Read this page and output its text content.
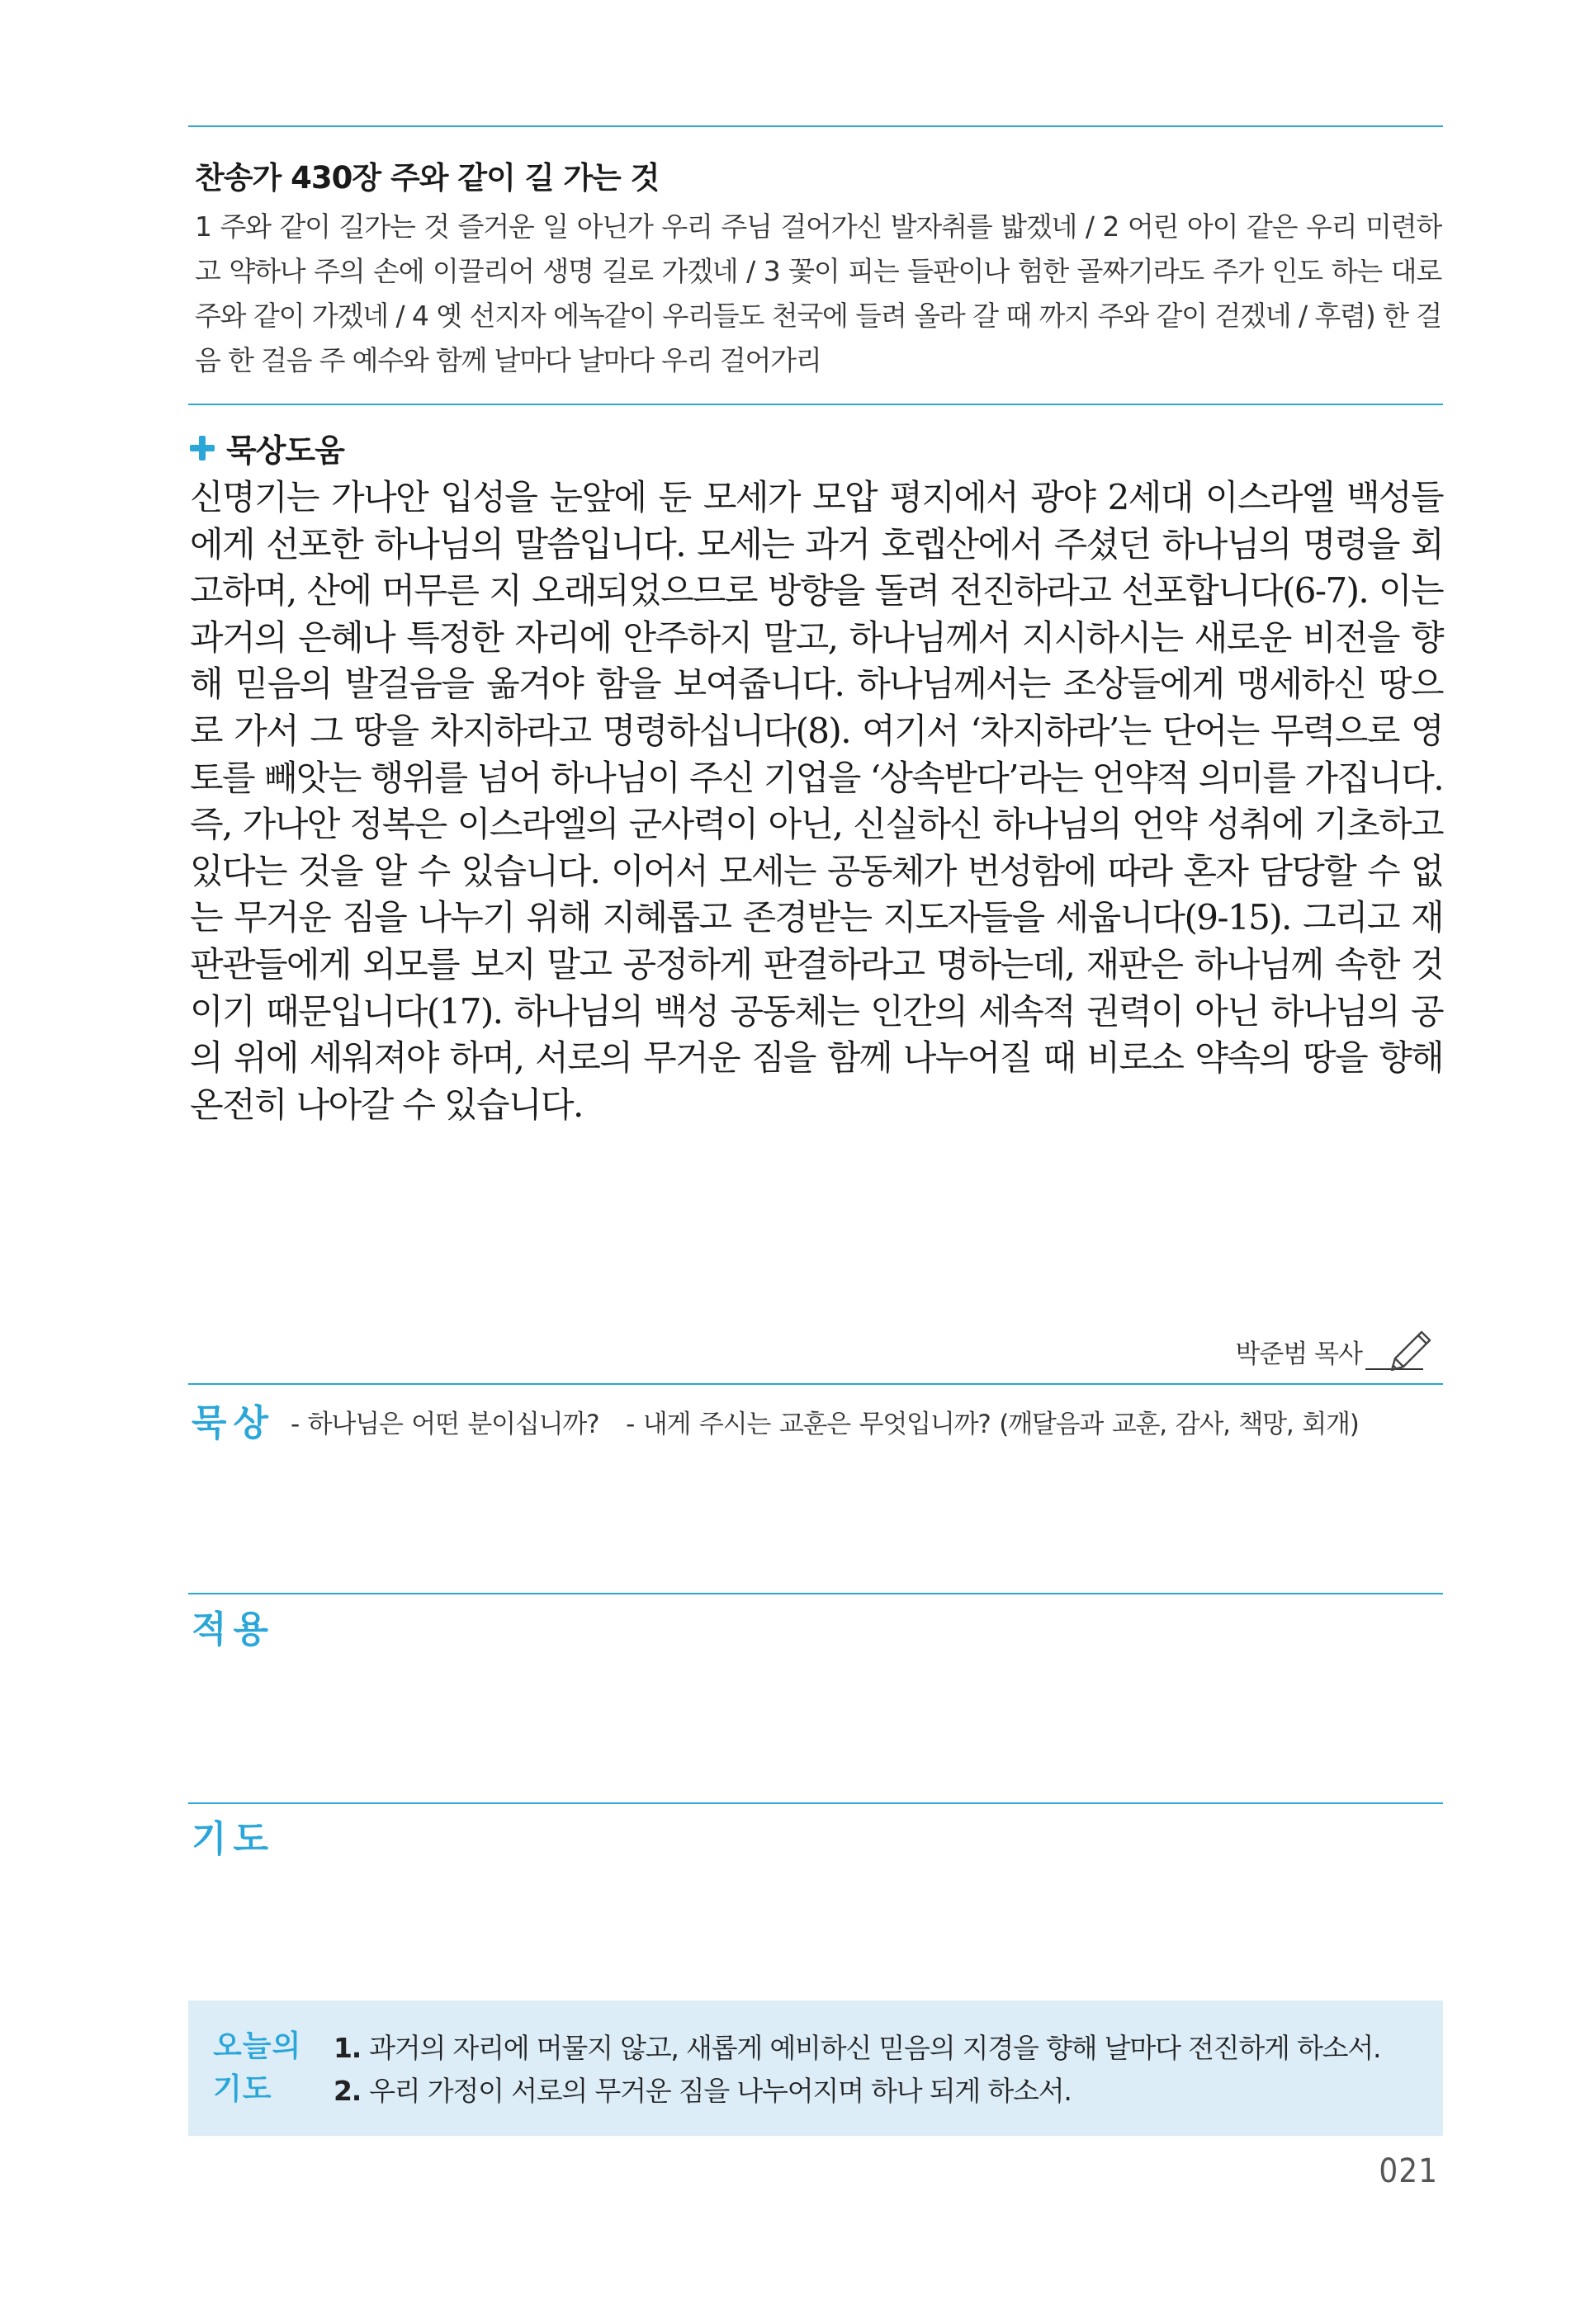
찬송가 430장 주와 같이 길 가는 것
1 주와 같이 길가는 것 즐거운 일 아닌가 우리 주님 걸어가신 발자취를 밟겠네 / 2 어린 아이 같은 우리 미련하고 약하나 주의 손에 이끌리어 생명 길로 가겠네 / 3 꽃이 피는 들판이나 험한 골짜기라도 주가 인도 하는 대로 주와 같이 가겠네 / 4 옛 선지자 에녹같이 우리들도 천국에 들려 올라 갈 때 까지 주와 같이 걷겠네 / 후렴) 한 걸음 한 걸음 주 예수와 함께 날마다 날마다 우리 걸어가리
묵상도움
신명기는 가나안 입성을 눈앞에 둔 모세가 모압 평지에서 광야 2세대 이스라엘 백성들에게 선포한 하나님의 말씀입니다. 모세는 과거 호렙산에서 주셨던 하나님의 명령을 회고하며, 산에 머무른 지 오래되었으므로 방향을 돌려 전진하라고 선포합니다(6-7). 이는 과거의 은혜나 특정한 자리에 안주하지 말고, 하나님께서 지시하시는 새로운 비전을 향해 믿음의 발걸음을 옮겨야 함을 보여줍니다. 하나님께서는 조상들에게 맹세하신 땅으로 가서 그 땅을 차지하라고 명령하십니다(8). 여기서 ‘차지하라’는 단어는 무력으로 영토를 빼앗는 행위를 넘어 하나님이 주신 기업을 ‘상속받다’라는 언약적 의미를 가집니다. 즉, 가나안 정복은 이스라엘의 군사력이 아닌, 신실하신 하나님의 언약 성취에 기초하고 있다는 것을 알 수 있습니다. 이어서 모세는 공동체가 번성함에 따라 혼자 담당할 수 없는 무거운 짐을 나누기 위해 지혜롭고 존경받는 지도자들을 세웁니다(9-15). 그리고 재판관들에게 외모를 보지 말고 공정하게 판결하라고 명하는데, 재판은 하나님께 속한 것이기 때문입니다(17). 하나님의 백성 공동체는 인간의 세속적 권력이 아닌 하나님의 공의 위에 세워져야 하며, 서로의 무거운 짐을 함께 나누어질 때 비로소 약속의 땅을 향해 온전히 나아갈 수 있습니다.
박준범 목사
묵상 - 하나님은 어떤 분이십니까? - 내게 주시는 교훈은 무엇입니까? (깨달음과 교훈, 감사, 책망, 회개)
적용
기도
오늘의
기도
1. 과거의 자리에 머물지 않고, 새롭게 예비하신 믿음의 지경을 향해 날마다 전진하게 하소서.
2. 우리 가정이 서로의 무거운 짐을 나누어지며 하나 되게 하소서.
021
